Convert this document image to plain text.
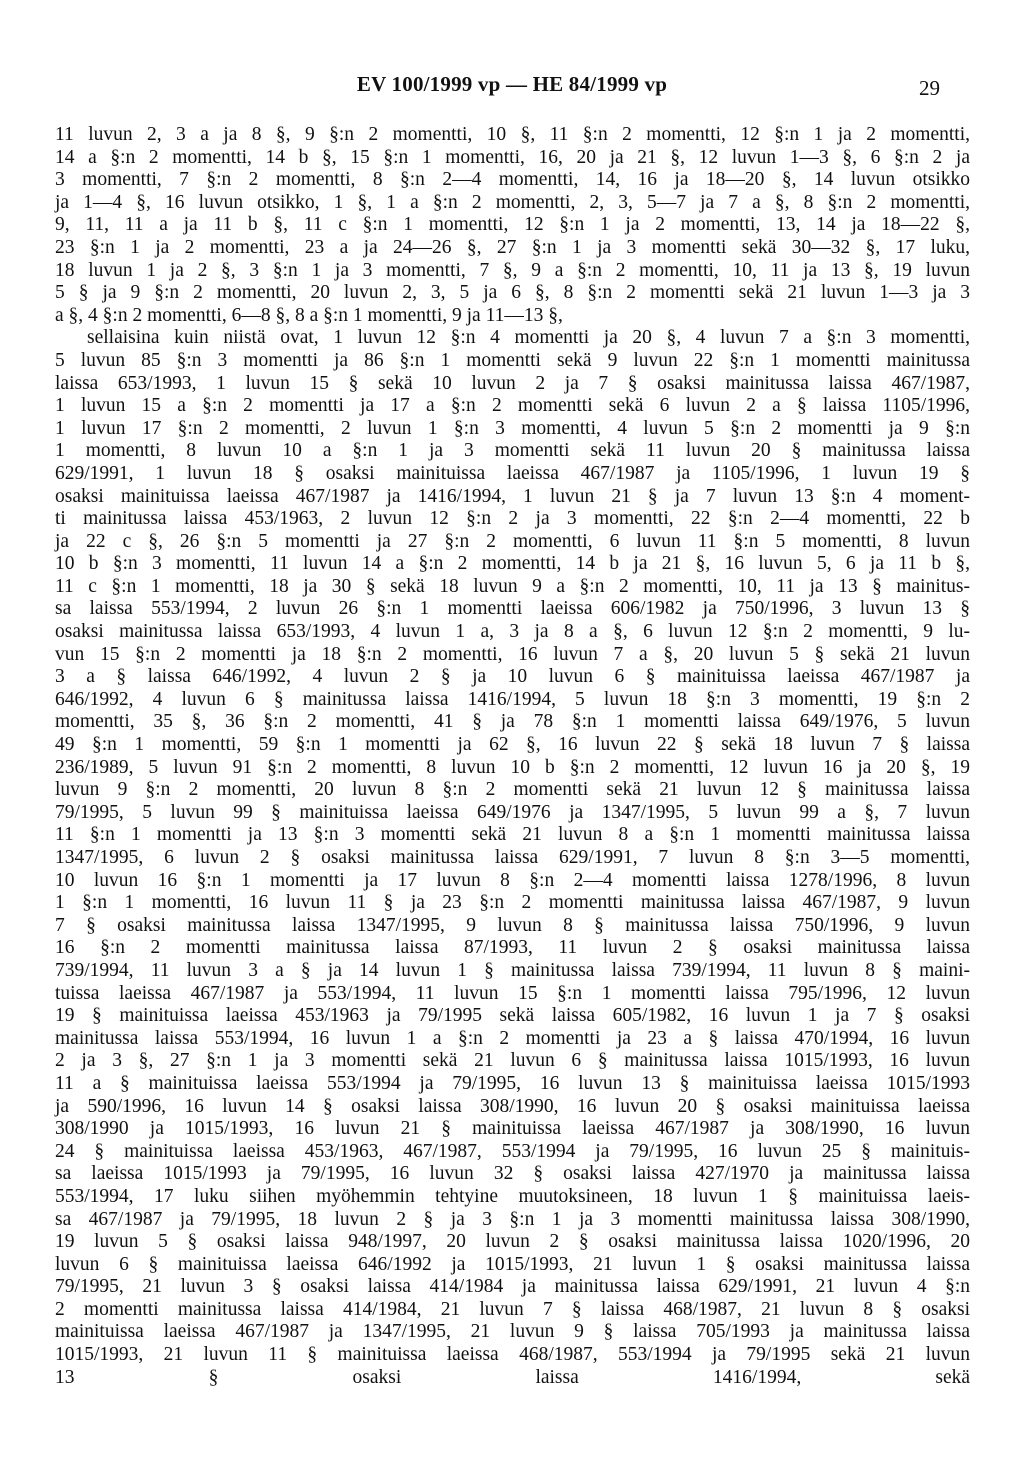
EV 100/1999 vp — HE 84/1999 vp	29
11 luvun 2, 3 a ja 8 §, 9 §:n 2 momentti, 10 §, 11 §:n 2 momentti, 12 §:n 1 ja 2 momentti,
14 a §:n 2 momentti, 14 b §, 15 §:n 1 momentti, 16, 20 ja 21 §, 12 luvun 1—3 §, 6 §:n 2 ja
3 momentti, 7 §:n 2 momentti, 8 §:n 2—4 momentti, 14, 16 ja 18—20 §, 14 luvun otsikko
ja 1—4 §, 16 luvun otsikko, 1 §, 1 a §:n 2 momentti, 2, 3, 5—7 ja 7 a §, 8 §:n 2 momentti,
9, 11, 11 a ja 11 b §, 11 c §:n 1 momentti, 12 §:n 1 ja 2 momentti, 13, 14 ja 18—22 §,
23 §:n 1 ja 2 momentti, 23 a ja 24—26 §, 27 §:n 1 ja 3 momentti sekä 30—32 §, 17 luku,
18 luvun 1 ja 2 §, 3 §:n 1 ja 3 momentti, 7 §, 9 a §:n 2 momentti, 10, 11 ja 13 §, 19 luvun
5 § ja 9 §:n 2 momentti, 20 luvun 2, 3, 5 ja 6 §, 8 §:n 2 momentti sekä 21 luvun 1—3 ja 3
a §, 4 §:n 2 momentti, 6—8 §, 8 a §:n 1 momentti, 9 ja 11—13 §,
sellaisina kuin niistä ovat, 1 luvun 12 §:n 4 momentti ja 20 §, 4 luvun 7 a §:n 3 momentti,
5 luvun 85 §:n 3 momentti ja 86 §:n 1 momentti sekä 9 luvun 22 §:n 1 momentti mainitussa
laissa 653/1993, 1 luvun 15 § sekä 10 luvun 2 ja 7 § osaksi mainitussa laissa 467/1987,
1 luvun 15 a §:n 2 momentti ja 17 a §:n 2 momentti sekä 6 luvun 2 a § laissa 1105/1996,
1 luvun 17 §:n 2 momentti, 2 luvun 1 §:n 3 momentti, 4 luvun 5 §:n 2 momentti ja 9 §:n
1 momentti, 8 luvun 10 a §:n 1 ja 3 momentti sekä 11 luvun 20 § mainitussa laissa
629/1991, 1 luvun 18 § osaksi mainituissa laeissa 467/1987 ja 1105/1996, 1 luvun 19 §
osaksi mainituissa laeissa 467/1987 ja 1416/1994, 1 luvun 21 § ja 7 luvun 13 §:n 4 moment-
ti mainitussa laissa 453/1963, 2 luvun 12 §:n 2 ja 3 momentti, 22 §:n 2—4 momentti, 22 b
ja 22 c §, 26 §:n 5 momentti ja 27 §:n 2 momentti, 6 luvun 11 §:n 5 momentti, 8 luvun
10 b §:n 3 momentti, 11 luvun 14 a §:n 2 momentti, 14 b ja 21 §, 16 luvun 5, 6 ja 11 b §,
11 c §:n 1 momentti, 18 ja 30 § sekä 18 luvun 9 a §:n 2 momentti, 10, 11 ja 13 § mainitus-
sa laissa 553/1994, 2 luvun 26 §:n 1 momentti laeissa 606/1982 ja 750/1996, 3 luvun 13 §
osaksi mainitussa laissa 653/1993, 4 luvun 1 a, 3 ja 8 a §, 6 luvun 12 §:n 2 momentti, 9 lu-
vun 15 §:n 2 momentti ja 18 §:n 2 momentti, 16 luvun 7 a §, 20 luvun 5 § sekä 21 luvun
3 a § laissa 646/1992, 4 luvun 2 § ja 10 luvun 6 § mainituissa laeissa 467/1987 ja
646/1992, 4 luvun 6 § mainitussa laissa 1416/1994, 5 luvun 18 §:n 3 momentti, 19 §:n 2
momentti, 35 §, 36 §:n 2 momentti, 41 § ja 78 §:n 1 momentti laissa 649/1976, 5 luvun
49 §:n 1 momentti, 59 §:n 1 momentti ja 62 §, 16 luvun 22 § sekä 18 luvun 7 § laissa
236/1989, 5 luvun 91 §:n 2 momentti, 8 luvun 10 b §:n 2 momentti, 12 luvun 16 ja 20 §, 19
luvun 9 §:n 2 momentti, 20 luvun 8 §:n 2 momentti sekä 21 luvun 12 § mainitussa laissa
79/1995, 5 luvun 99 § mainituissa laeissa 649/1976 ja 1347/1995, 5 luvun 99 a §, 7 luvun
11 §:n 1 momentti ja 13 §:n 3 momentti sekä 21 luvun 8 a §:n 1 momentti mainitussa laissa
1347/1995, 6 luvun 2 § osaksi mainitussa laissa 629/1991, 7 luvun 8 §:n 3—5 momentti,
10 luvun 16 §:n 1 momentti ja 17 luvun 8 §:n 2—4 momentti laissa 1278/1996, 8 luvun
1 §:n 1 momentti, 16 luvun 11 § ja 23 §:n 2 momentti mainitussa laissa 467/1987, 9 luvun
7 § osaksi mainitussa laissa 1347/1995, 9 luvun 8 § mainitussa laissa 750/1996, 9 luvun
16 §:n 2 momentti mainitussa laissa 87/1993, 11 luvun 2 § osaksi mainitussa laissa
739/1994, 11 luvun 3 a § ja 14 luvun 1 § mainitussa laissa 739/1994, 11 luvun 8 § maini-
tuissa laeissa 467/1987 ja 553/1994, 11 luvun 15 §:n 1 momentti laissa 795/1996, 12 luvun
19 § mainituissa laeissa 453/1963 ja 79/1995 sekä laissa 605/1982, 16 luvun 1 ja 7 § osaksi
mainitussa laissa 553/1994, 16 luvun 1 a §:n 2 momentti ja 23 a § laissa 470/1994, 16 luvun
2 ja 3 §, 27 §:n 1 ja 3 momentti sekä 21 luvun 6 § mainitussa laissa 1015/1993, 16 luvun
11 a § mainituissa laeissa 553/1994 ja 79/1995, 16 luvun 13 § mainituissa laeissa 1015/1993
ja 590/1996, 16 luvun 14 § osaksi laissa 308/1990, 16 luvun 20 § osaksi mainituissa laeissa
308/1990 ja 1015/1993, 16 luvun 21 § mainituissa laeissa 467/1987 ja 308/1990, 16 luvun
24 § mainituissa laeissa 453/1963, 467/1987, 553/1994 ja 79/1995, 16 luvun 25 § mainituis-
sa laeissa 1015/1993 ja 79/1995, 16 luvun 32 § osaksi laissa 427/1970 ja mainitussa laissa
553/1994, 17 luku siihen myöhemmin tehtyine muutoksineen, 18 luvun 1 § mainituissa laeis-
sa 467/1987 ja 79/1995, 18 luvun 2 § ja 3 §:n 1 ja 3 momentti mainitussa laissa 308/1990,
19 luvun 5 § osaksi laissa 948/1997, 20 luvun 2 § osaksi mainitussa laissa 1020/1996, 20
luvun 6 § mainituissa laeissa 646/1992 ja 1015/1993, 21 luvun 1 § osaksi mainitussa laissa
79/1995, 21 luvun 3 § osaksi laissa 414/1984 ja mainitussa laissa 629/1991, 21 luvun 4 §:n
2 momentti mainitussa laissa 414/1984, 21 luvun 7 § laissa 468/1987, 21 luvun 8 § osaksi
mainituissa laeissa 467/1987 ja 1347/1995, 21 luvun 9 § laissa 705/1993 ja mainitussa laissa
1015/1993, 21 luvun 11 § mainituissa laeissa 468/1987, 553/1994 ja 79/1995 sekä 21 luvun
13 § osaksi laissa 1416/1994, sekä
